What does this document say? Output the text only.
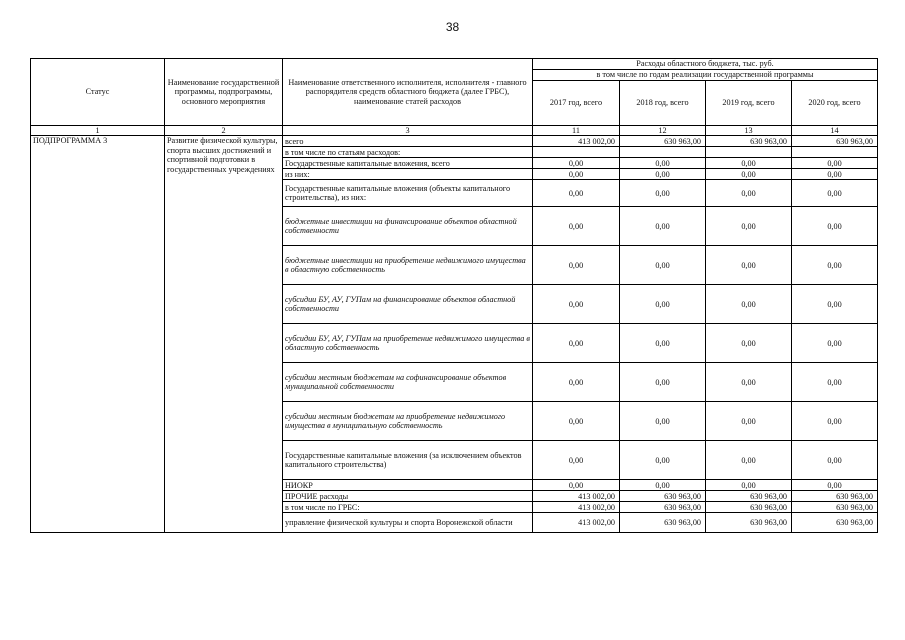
38
Статус	Наименование государственной программы, подпрограммы, основного мероприятия	Наименование ответственного исполнителя, исполнителя - главного распорядителя средств областного бюджета (далее ГРБС), наименование статей расходов	Расходы областного бюджета, тыс. руб.			
			в том числе по годам реализации государственной программы			
			2017 год, всего	2018 год, всего	2019 год, всего	2020 год, всего
1	2	3	11	12	13	14
ПОДПРОГРАММА 3	Развитие физической культуры, спорта высших достижений и спортивной подготовки в государственных учреждениях	всего	413 002,00	630 963,00	630 963,00	630 963,00
		в том числе по статьям расходов:				
		Государственные капитальные вложения, всего	0,00	0,00	0,00	0,00
		из них:	0,00	0,00	0,00	0,00
		Государственные капитальные вложения (объекты капитального строительства), из них:	0,00	0,00	0,00	0,00
		бюджетные инвестиции на финансирование объектов областной собственности	0,00	0,00	0,00	0,00
		бюджетные инвестиции на приобретение недвижимого имущества в областную собственность	0,00	0,00	0,00	0,00
		субсидии БУ, АУ, ГУПам на финансирование объектов областной собственности	0,00	0,00	0,00	0,00
		субсидии БУ, АУ, ГУПам на приобретение недвижимого имущества в областную собственность	0,00	0,00	0,00	0,00
		субсидии местным бюджетам на софинансирование объектов муниципальной собственности	0,00	0,00	0,00	0,00
		субсидии местным бюджетам на приобретение недвижимого имущества в муниципальную собственность	0,00	0,00	0,00	0,00
		Государственные капитальные вложения (за исключением объектов капитального строительства)	0,00	0,00	0,00	0,00
		НИОКР	0,00	0,00	0,00	0,00
		ПРОЧИЕ расходы	413 002,00	630 963,00	630 963,00	630 963,00
		в том числе по ГРБС:	413 002,00	630 963,00	630 963,00	630 963,00
		управление физической культуры и спорта Воронежской области	413 002,00	630 963,00	630 963,00	630 963,00
